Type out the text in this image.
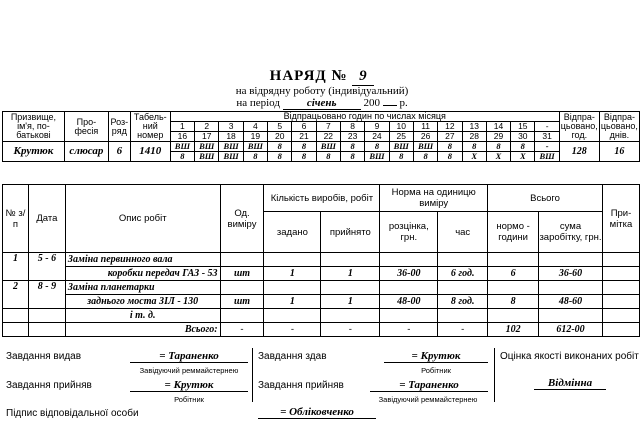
НАРЯД № 9
на відрядну роботу (індивідуальний)
на період січень 200 р.
Призвище, ім'я, по-батькові	Про-фесія	Роз-ряд	Табель-ний номер	Відпрацьовано годин по числах місяця																Відпра-цьовано, год.	Відпра-цьовано, днів.
				1	2	3	4	5	6	7	8	9	10	11	12	13	14	15	-		
				16	17	18	19	20	21	22	23	24	25	26	27	28	29	30	31		
Крутюк	слюсар	6	1410	ВШ	ВШ	ВШ	ВШ	8	8	ВШ	8	8	ВШ	ВШ	8	8	8	8	-	128	16
				8	ВШ	ВШ	8	8	8	8	8	ВШ	8	8	8	X	X	X	ВШ		
№ з/п	Дата	Опис робіт	Од. виміру	Кількість виробів, робіт		Норма на одиницю виміру		Всього		При-мітка
				задано	прийнято	розцінка, грн.	час	нормо - години	сума заробітку, грн.	
1	5 - 6	Заміна первинного вала								
		коробки передач ГАЗ - 53	шт	1	1	36-00	6 год.	6	36-60	
2	8 - 9	Заміна планетарки								
		заднього моста ЗІЛ - 130	шт	1	1	48-00	8 год.	8	48-60	
		і т. д.								
		Всього:	-	-	-	-	-	102	612-00	
Завдання видав	= Тараненко
Завідуючий реммайстернею
Завдання прийняв	= Крутюк
Робітник
Завдання здав	= Крутюк
Робітник
Завдання прийняв	= Тараненко
Завідуючий реммайстернею
Оцінка якості виконаних робіт
Відмінна
Підпис відповідальної особи	= Обліковченко
